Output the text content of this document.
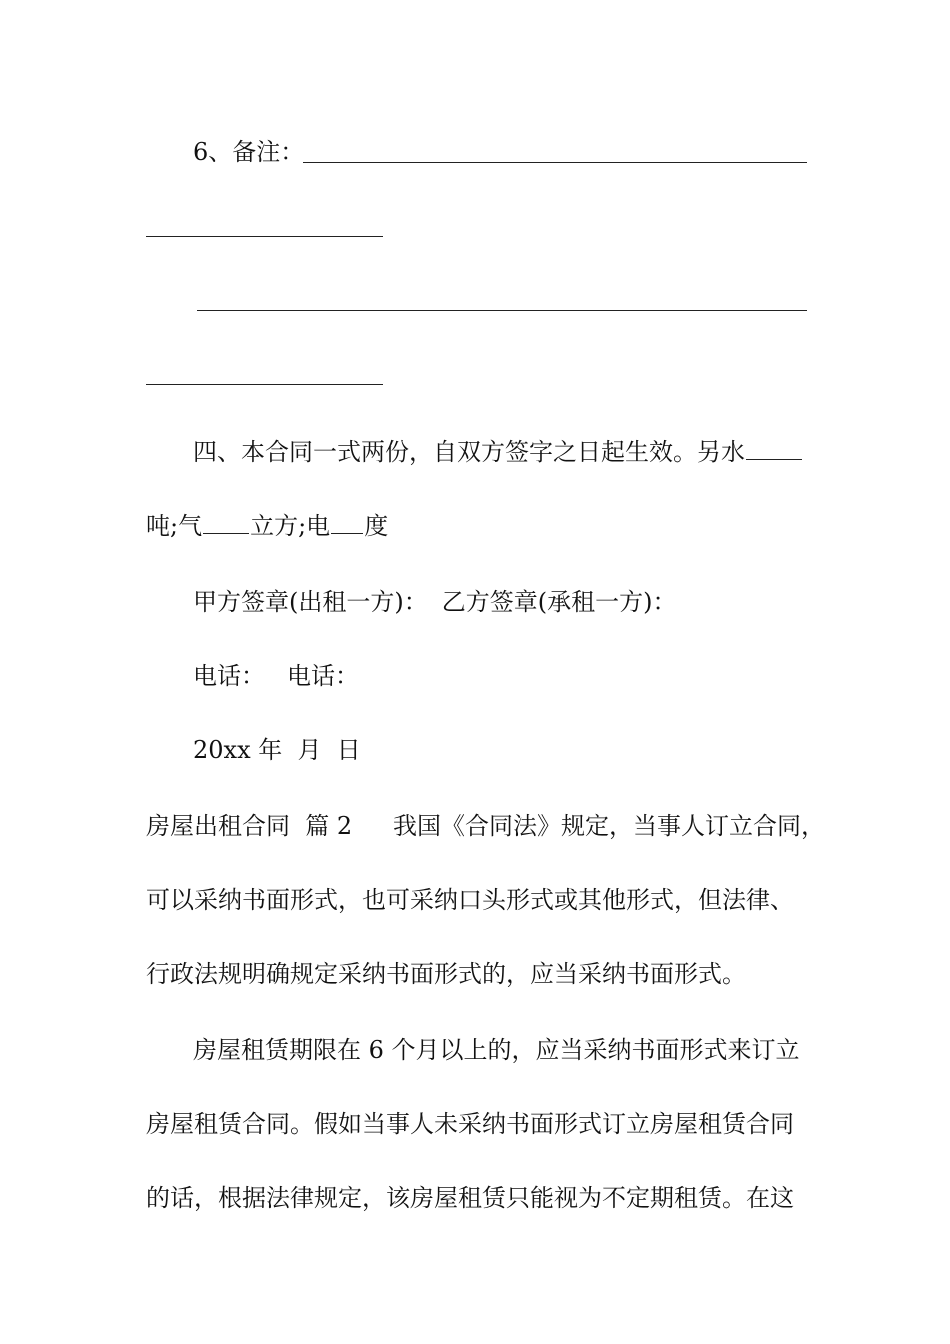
6、备注：
四、本合同一式两份，自双方签字之日起生效。另水
吨;气 立方;电 度
甲方签章(出租一方)： 乙方签章(承租一方)：
电话： 电话：
20xx 年  月  日
房屋出租合同  篇 2 我国《合同法》规定，当事人订立合同，
可以采纳书面形式，也可采纳口头形式或其他形式，但法律、
行政法规明确规定采纳书面形式的，应当采纳书面形式。
房屋租赁期限在 6 个月以上的，应当采纳书面形式来订立
房屋租赁合同。假如当事人未采纳书面形式订立房屋租赁合同
的话，根据法律规定，该房屋租赁只能视为不定期租赁。在这
